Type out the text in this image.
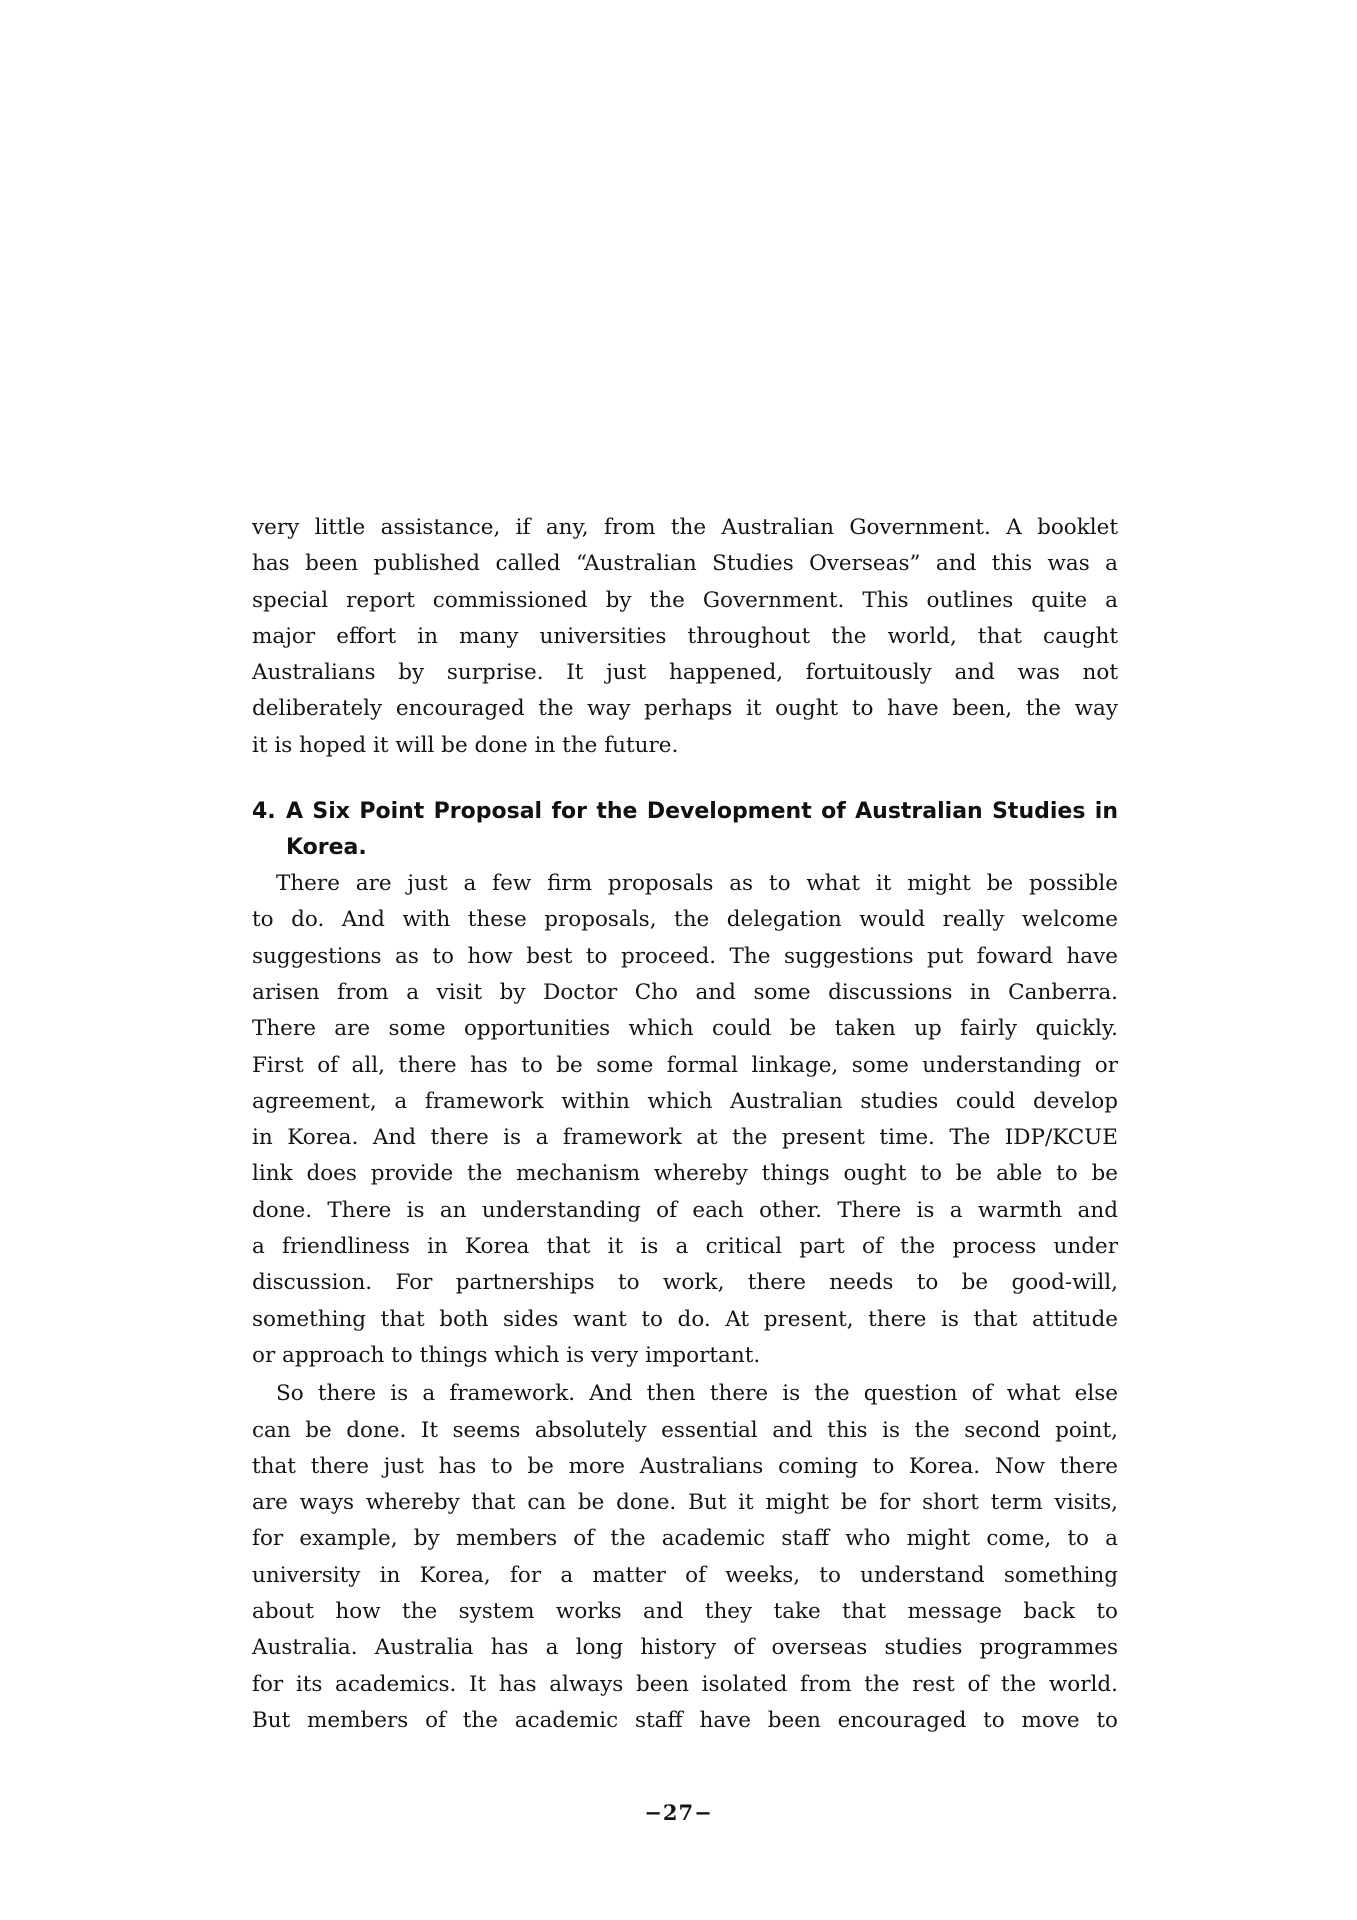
very little assistance, if any, from the Australian Government. A booklet
has been published called “Australian Studies Overseas” and this was a
special report commissioned by the Government. This outlines quite a
major effort in many universities throughout the world, that caught
Australians by surprise. It just happened, fortuitously and was not
deliberately encouraged the way perhaps it ought to have been, the way
it is hoped it will be done in the future.
4. A Six Point Proposal for the Development of Australian Studies in
Korea.
There are just a few firm proposals as to what it might be possible
to do. And with these proposals, the delegation would really welcome
suggestions as to how best to proceed. The suggestions put foward have
arisen from a visit by Doctor Cho and some discussions in Canberra.
There are some opportunities which could be taken up fairly quickly.
First of all, there has to be some formal linkage, some understanding or
agreement, a framework within which Australian studies could develop
in Korea. And there is a framework at the present time. The IDP/KCUE
link does provide the mechanism whereby things ought to be able to be
done. There is an understanding of each other. There is a warmth and
a friendliness in Korea that it is a critical part of the process under
discussion. For partnerships to work, there needs to be good-will,
something that both sides want to do. At present, there is that attitude
or approach to things which is very important.
So there is a framework. And then there is the question of what else
can be done. It seems absolutely essential and this is the second point,
that there just has to be more Australians coming to Korea. Now there
are ways whereby that can be done. But it might be for short term visits,
for example, by members of the academic staff who might come, to a
university in Korea, for a matter of weeks, to understand something
about how the system works and they take that message back to
Australia. Australia has a long history of overseas studies programmes
for its academics. It has always been isolated from the rest of the world.
But members of the academic staff have been encouraged to move to
−27−
